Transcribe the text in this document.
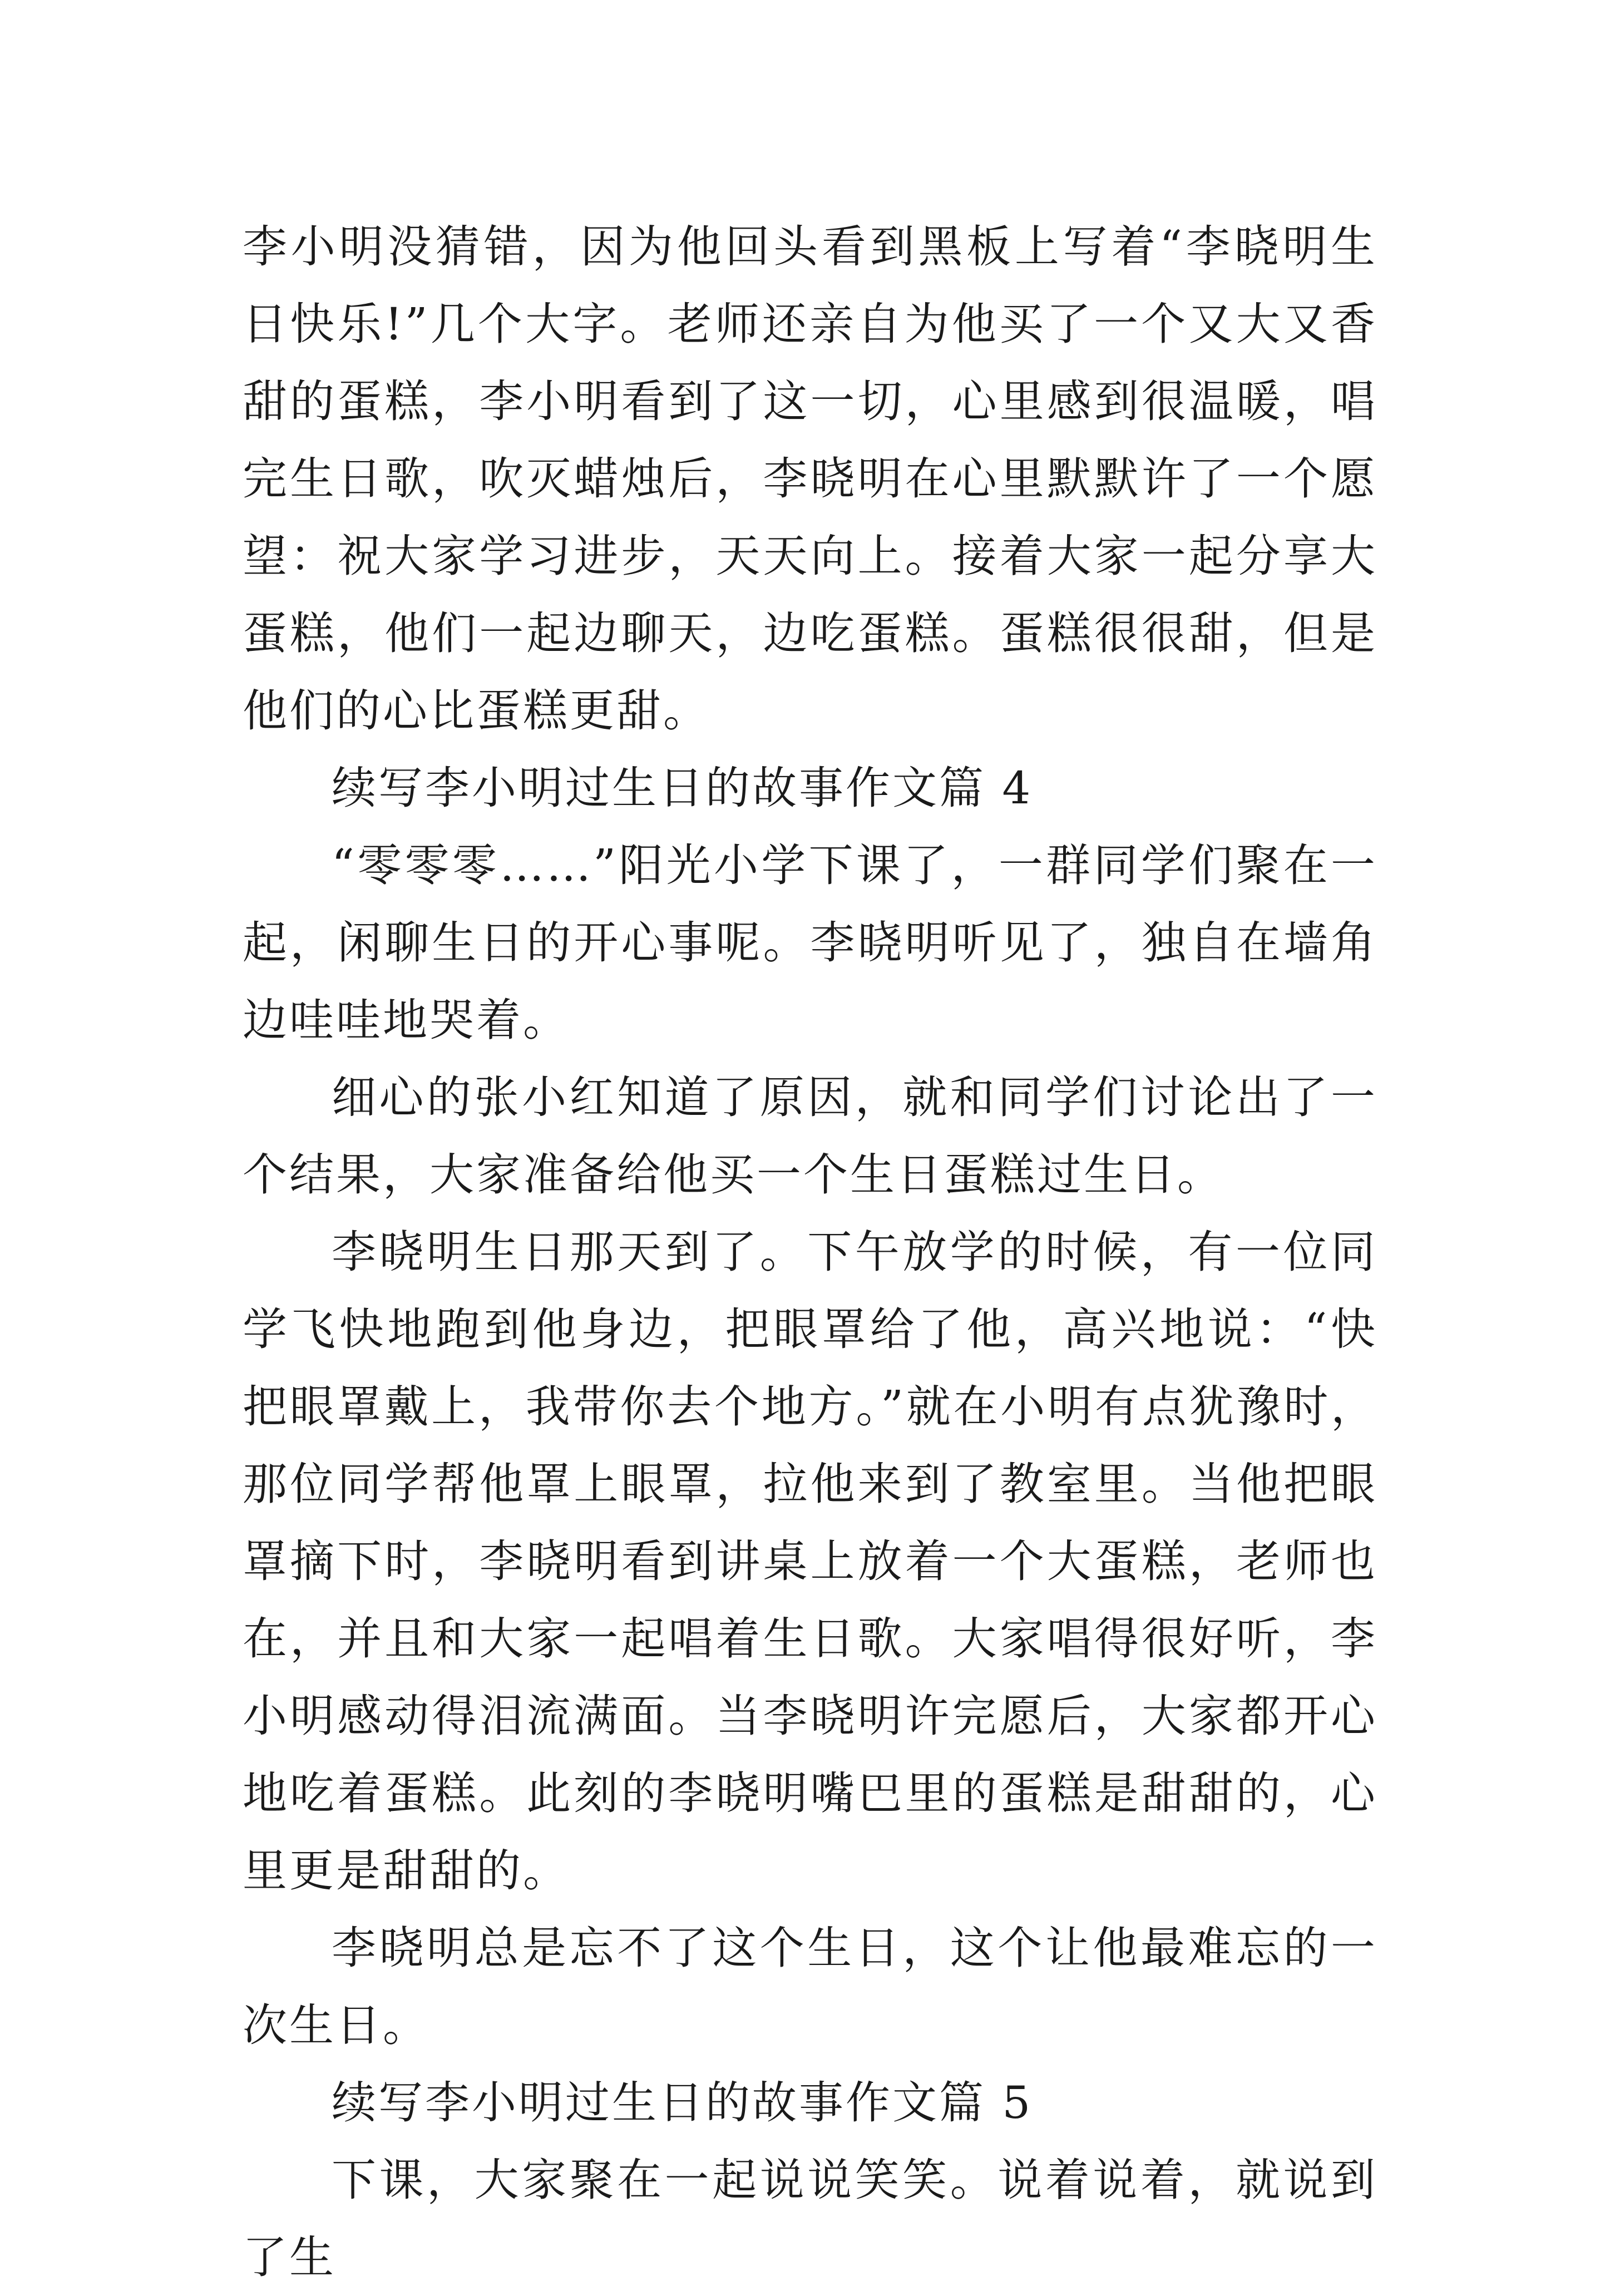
李小明没猜错，因为他回头看到黑板上写着“李晓明生日快乐!”几个大字。老师还亲自为他买了一个又大又香甜的蛋糕，李小明看到了这一切，心里感到很温暖，唱完生日歌，吹灭蜡烛后，李晓明在心里默默许了一个愿望：祝大家学习进步，天天向上。接着大家一起分享大蛋糕，他们一起边聊天，边吃蛋糕。蛋糕很很甜，但是他们的心比蛋糕更甜。

续写李小明过生日的故事作文篇 4

“零零零……”阳光小学下课了，一群同学们聚在一起，闲聊生日的开心事呢。李晓明听见了，独自在墙角边哇哇地哭着。

细心的张小红知道了原因，就和同学们讨论出了一个结果，大家准备给他买一个生日蛋糕过生日。

李晓明生日那天到了。下午放学的时候，有一位同学飞快地跑到他身边，把眼罩给了他，高兴地说：“快把眼罩戴上，我带你去个地方。”就在小明有点犹豫时，那位同学帮他罩上眼罩，拉他来到了教室里。当他把眼罩摘下时，李晓明看到讲桌上放着一个大蛋糕，老师也在，并且和大家一起唱着生日歌。大家唱得很好听，李小明感动得泪流满面。当李晓明许完愿后，大家都开心地吃着蛋糕。此刻的李晓明嘴巴里的蛋糕是甜甜的，心里更是甜甜的。

李晓明总是忘不了这个生日，这个让他最难忘的一次生日。

续写李小明过生日的故事作文篇 5

下课，大家聚在一起说说笑笑。说着说着，就说到了生
